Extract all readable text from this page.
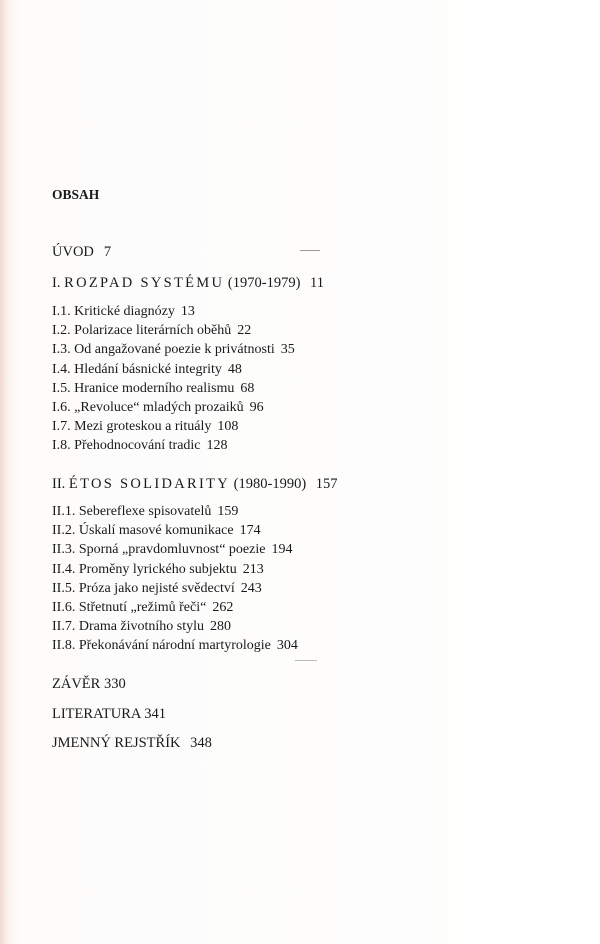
OBSAH
ÚVOD 7
I. ROZPAD SYSTÉMU (1970-1979) 11
I.1. Kritické diagnózy 13
I.2. Polarizace literárních oběhů 22
I.3. Od angažované poezie k privátnosti 35
I.4. Hledání básnické integrity 48
I.5. Hranice moderního realismu 68
I.6. „Revoluce“ mladých prozaiků 96
I.7. Mezi groteskou a rituály 108
I.8. Přehodnocování tradic 128
II. ÉTOS SOLIDARITY (1980-1990) 157
II.1. Sebereflexe spisovatelů 159
II.2. Úskalí masové komunikace 174
II.3. Sporná „pravdomluvnost“ poezie 194
II.4. Proměny lyrického subjektu 213
II.5. Próza jako nejisté svědectví 243
II.6. Střetnutí „režimů řeči“ 262
II.7. Drama životního stylu 280
II.8. Překonávání národní martyrologie 304
ZÁVĚR 330
LITERATURA 341
JMENNÝ REJSTŘÍK 348
